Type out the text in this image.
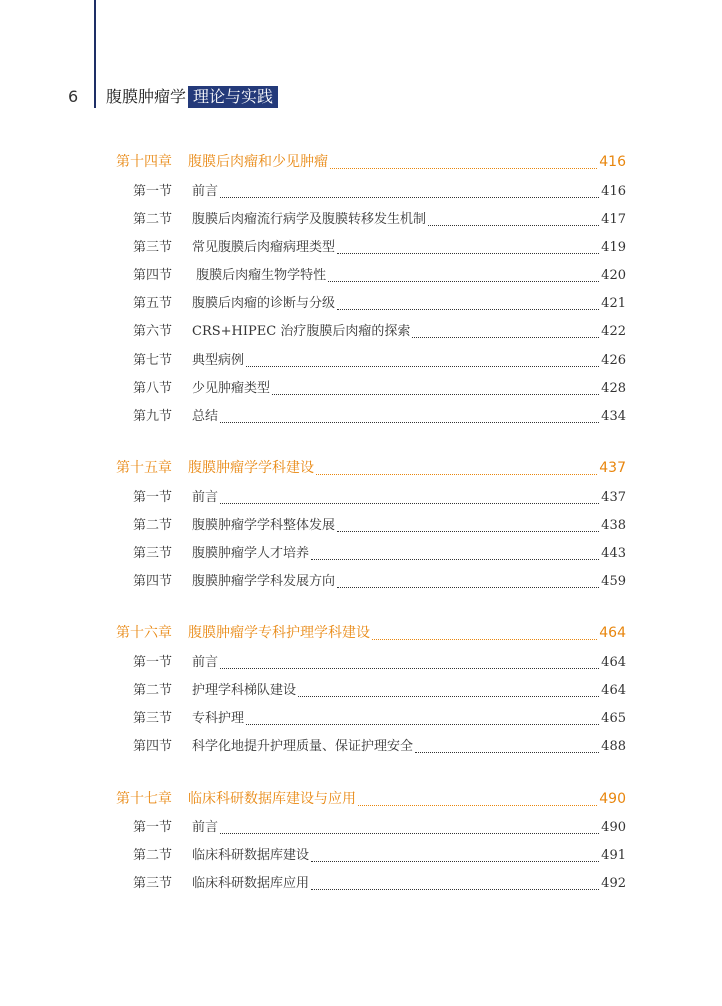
6 腹膜肿瘤学 理论与实践
第十四章	腹膜后肉瘤和少见肿瘤	416
第一节	前言	416
第二节	腹膜后肉瘤流行病学及腹膜转移发生机制	417
第三节	常见腹膜后肉瘤病理类型	419
第四节	腹膜后肉瘤生物学特性	420
第五节	腹膜后肉瘤的诊断与分级	421
第六节	CRS+HIPEC 治疗腹膜后肉瘤的探索	422
第七节	典型病例	426
第八节	少见肿瘤类型	428
第九节	总结	434
第十五章	腹膜肿瘤学学科建设	437
第一节	前言	437
第二节	腹膜肿瘤学学科整体发展	438
第三节	腹膜肿瘤学人才培养	443
第四节	腹膜肿瘤学学科发展方向	459
第十六章	腹膜肿瘤学专科护理学科建设	464
第一节	前言	464
第二节	护理学科梯队建设	464
第三节	专科护理	465
第四节	科学化地提升护理质量、保证护理安全	488
第十七章	临床科研数据库建设与应用	490
第一节	前言	490
第二节	临床科研数据库建设	491
第三节	临床科研数据库应用	492
